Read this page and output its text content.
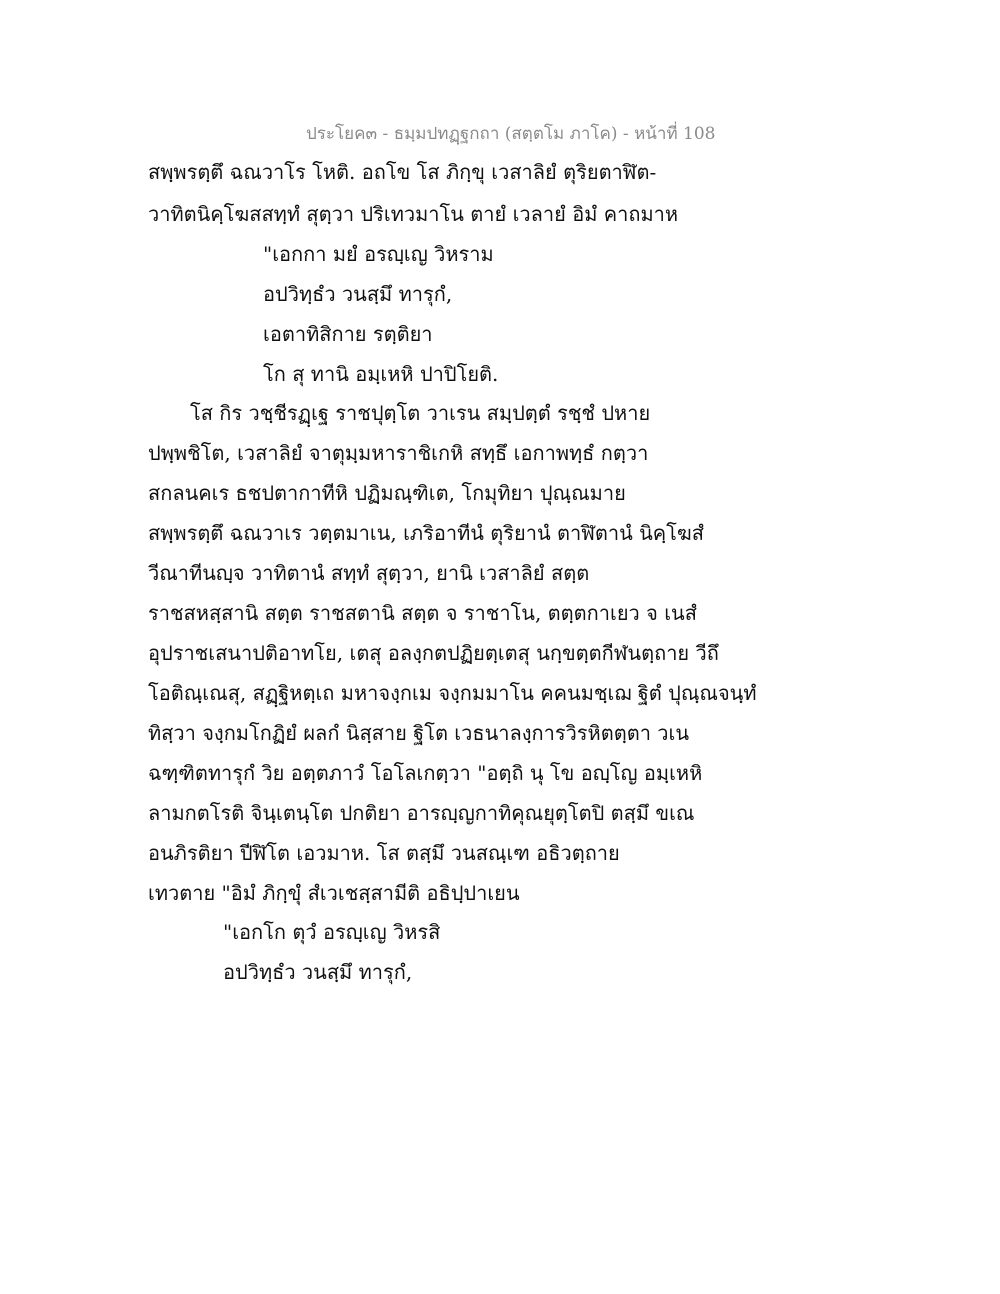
ประโยค๓ - ธมฺมปทฏฺฐกถา (สตฺตโม ภาโค) - หน้าที่ 108
สพฺพรตฺตึ ฉณวาโร โหติ. อถโข โส ภิกฺขุ เวสาลิยํ ตุริยตาฬิต-
วาทิตนิคฺโฆสสทฺทํ สุตฺวา ปริเทวมาโน ตายํ เวลายํ อิมํ คาถมาห
"เอกกา มยํ อรญฺเญ วิหราม
อปวิทฺธํว วนสฺมึ ทารุกํ,
เอตาทิสิกาย รตฺติยา
โก สุ ทานิ อมฺเหหิ ปาปิโยติ.
โส กิร วชฺชีรฏฺเฐ ราชปุตฺโต วาเรน สมฺปตฺตํ รชฺชํ ปหาย
ปพฺพชิโต, เวสาลิยํ จาตุมฺมหาราชิเกหิ สทฺธึ เอกาพทฺธํ กตฺวา
สกลนคเร ธชปตากาทีหิ ปฏิมณฺฑิเต, โกมุทิยา ปุณฺณมาย
สพฺพรตฺตึ ฉณวาเร วตฺตมาเน, เภริอาทีนํ ตุริยานํ ตาฬิตานํ นิคฺโฆสํ
วีณาทีนญฺจ วาทิตานํ สทฺทํ สุตฺวา, ยานิ เวสาลิยํ สตฺต
ราชสหสฺสานิ สตฺต ราชสตานิ สตฺต จ ราชาโน, ตตฺตกาเยว จ เนสํ
อุปราชเสนาปติอาทโย, เตสุ อลงฺกตปฏิยตฺเตสุ นกฺขตฺตกีฬนตฺถาย วีถึ
โอติณฺเณสุ, สฏฺฐิหตฺเถ มหาจงฺกเม จงฺกมมาโน คคนมชฺเฌ ฐิตํ ปุณฺณจนฺทํ
ทิสฺวา จงฺกมโกฏิยํ ผลกํ นิสฺสาย ฐิโต เวธนาลงฺการวิรหิตตฺตา วเน
ฉฑฺฑิตทารุกํ วิย อตฺตภาวํ โอโลเกตฺวา "อตฺถิ นุ โข อญฺโญ อมฺเหหิ
ลามกตโรติ จินฺเตนฺโต ปกติยา อารญฺญกาทิคุณยุตฺโตปิ ตสฺมึ ขเณ
อนภิรติยา ปีฬิโต เอวมาห. โส ตสฺมึ วนสณฺเฑ อธิวตฺถาย
เทวตาย "อิมํ ภิกฺขุํ สํเวเชสฺสามีติ อธิปฺปาเยน
"เอกโก ตุวํ อรญฺเญ วิหรสิ
อปวิทฺธํว วนสฺมึ ทารุกํ,
